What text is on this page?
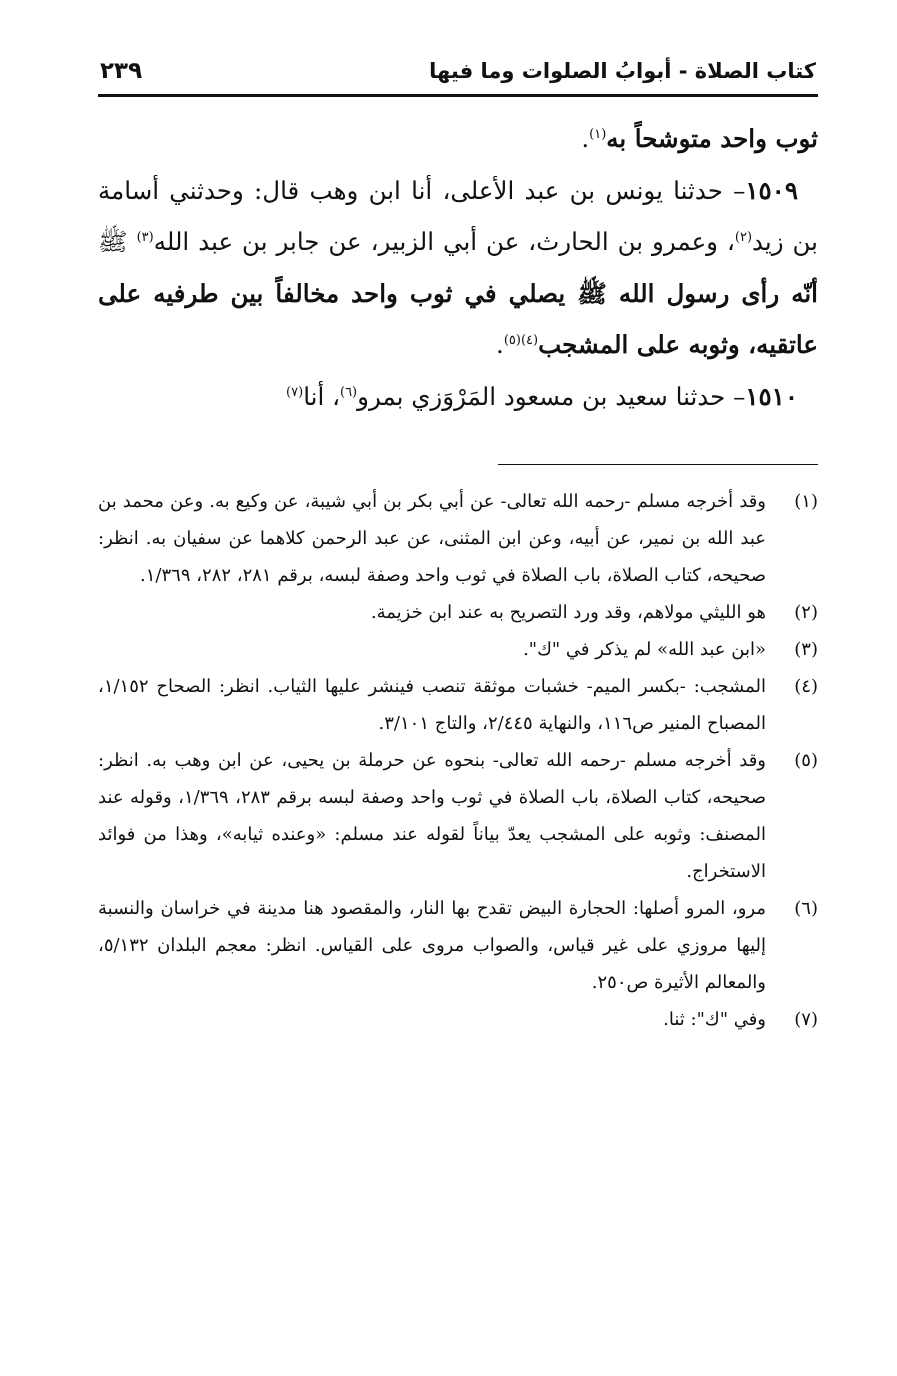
كتاب الصلاة - أبوابُ الصلوات وما فيها
٢٣٩

ثوب واحد متوشحاً به$^{(١)}$.

١٥٠٩– حدثنا يونس بن عبد الأعلى، أنا ابن وهب قال: وحدثني أسامة بن زيد$^{(٢)}$، وعمرو بن الحارث، عن أبي الزبير، عن جابر بن عبد الله$^{(٣)}$ ﷺ أنّه رأى رسول الله ﷺ يصلي في ثوب واحد مخالفاً بين طرفيه على عاتقيه، وثوبه على المشجب$^{(٤)(٥)}$.

١٥١٠– حدثنا سعيد بن مسعود المَرْوَزي بمرو$^{(٦)}$، أنا$^{(٧)}$

(١)
وقد أخرجه مسلم -رحمه الله تعالى- عن أبي بكر بن أبي شيبة، عن وكيع به. وعن محمد بن عبد الله بن نمير، عن أبيه، وعن ابن المثنى، عن عبد الرحمن كلاهما عن سفيان به. انظر: صحيحه، كتاب الصلاة، باب الصلاة في ثوب واحد وصفة لبسه، برقم ٢٨١، ٢٨٢، ١/٣٦٩.
(٢)
هو الليثي مولاهم، وقد ورد التصريح به عند ابن خزيمة.
(٣)
«ابن عبد الله» لم يذكر في "ك".
(٤)
المشجب: -بكسر الميم- خشبات موثقة تنصب فينشر عليها الثياب. انظر: الصحاح ١/١٥٢، المصباح المنير ص١١٦، والنهاية ٢/٤٤٥، والتاج ٣/١٠١.
(٥)
وقد أخرجه مسلم -رحمه الله تعالى- بنحوه عن حرملة بن يحيى، عن ابن وهب به. انظر: صحيحه، كتاب الصلاة، باب الصلاة في ثوب واحد وصفة لبسه برقم ٢٨٣، ١/٣٦٩، وقوله عند المصنف: وثوبه على المشجب يعدّ بياناً لقوله عند مسلم: «وعنده ثيابه»، وهذا من فوائد الاستخراج.
(٦)
مرو، المرو أصلها: الحجارة البيض تقدح بها النار، والمقصود هنا مدينة في خراسان والنسبة إليها مروزي على غير قياس، والصواب مروى على القياس. انظر: معجم البلدان ٥/١٣٢، والمعالم الأثيرة ص٢٥٠.
(٧)
وفي "ك": ثنا.
